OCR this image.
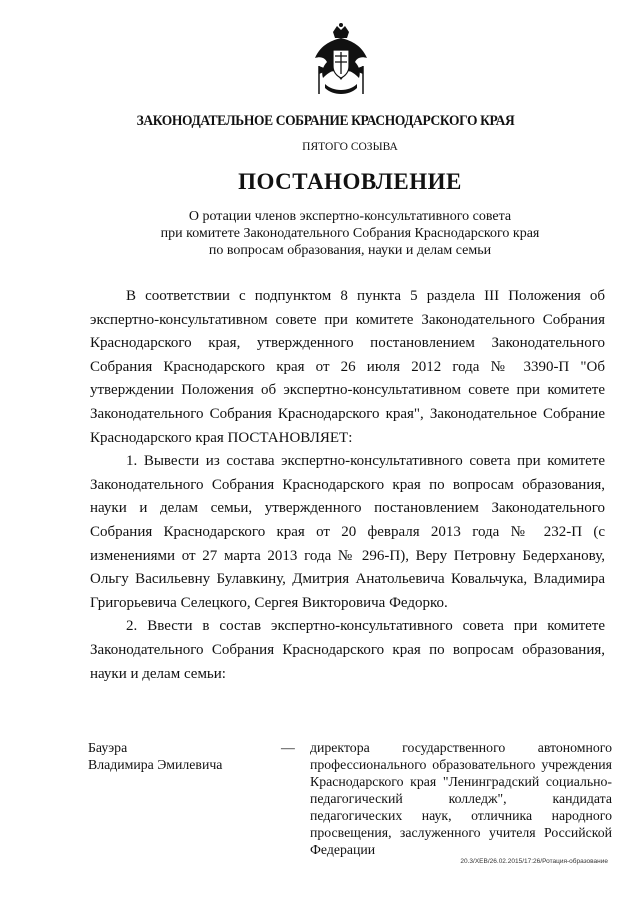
ЗАКОНОДАТЕЛЬНОЕ СОБРАНИЕ КРАСНОДАРСКОГО КРАЯ
ПЯТОГО СОЗЫВА
ПОСТАНОВЛЕНИЕ
О ротации членов экспертно-консультативного совета
при комитете Законодательного Собрания Краснодарского края
по вопросам образования, науки и делам семьи

В соответствии с подпунктом 8 пункта 5 раздела III Положения об экспертно-консультативном совете при комитете Законодательного Собрания Краснодарского края, утвержденного постановлением Законодательного Собрания Краснодарского края от 26 июля 2012 года № 3390-П "Об утверждении Положения об экспертно-консультативном совете при комитете Законодательного Собрания Краснодарского края", Законодательное Собрание Краснодарского края ПОСТАНОВЛЯЕТ:

1. Вывести из состава экспертно-консультативного совета при комитете Законодательного Собрания Краснодарского края по вопросам образования, науки и делам семьи, утвержденного постановлением Законодательного Собрания Краснодарского края от 20 февраля 2013 года № 232-П (с изменениями от 27 марта 2013 года № 296-П), Веру Петровну Бедерханову, Ольгу Васильевну Булавкину, Дмитрия Анатольевича Ковальчука, Владимира Григорьевича Селецкого, Сергея Викторовича Федорко.

2. Ввести в состав экспертно-консультативного совета при комитете Законодательного Собрания Краснодарского края по вопросам образования, науки и делам семьи:

Бауэра
Владимира Эмилевича
— директора государственного автономного профессионального образовательного учреждения Краснодарского края "Ленинградский социально-педагогический колледж", кандидата педагогических наук, отличника народного просвещения, заслуженного учителя Российской Федерации
20.3/ХЕВ/26.02.2015/17:26/Ротация-образование
